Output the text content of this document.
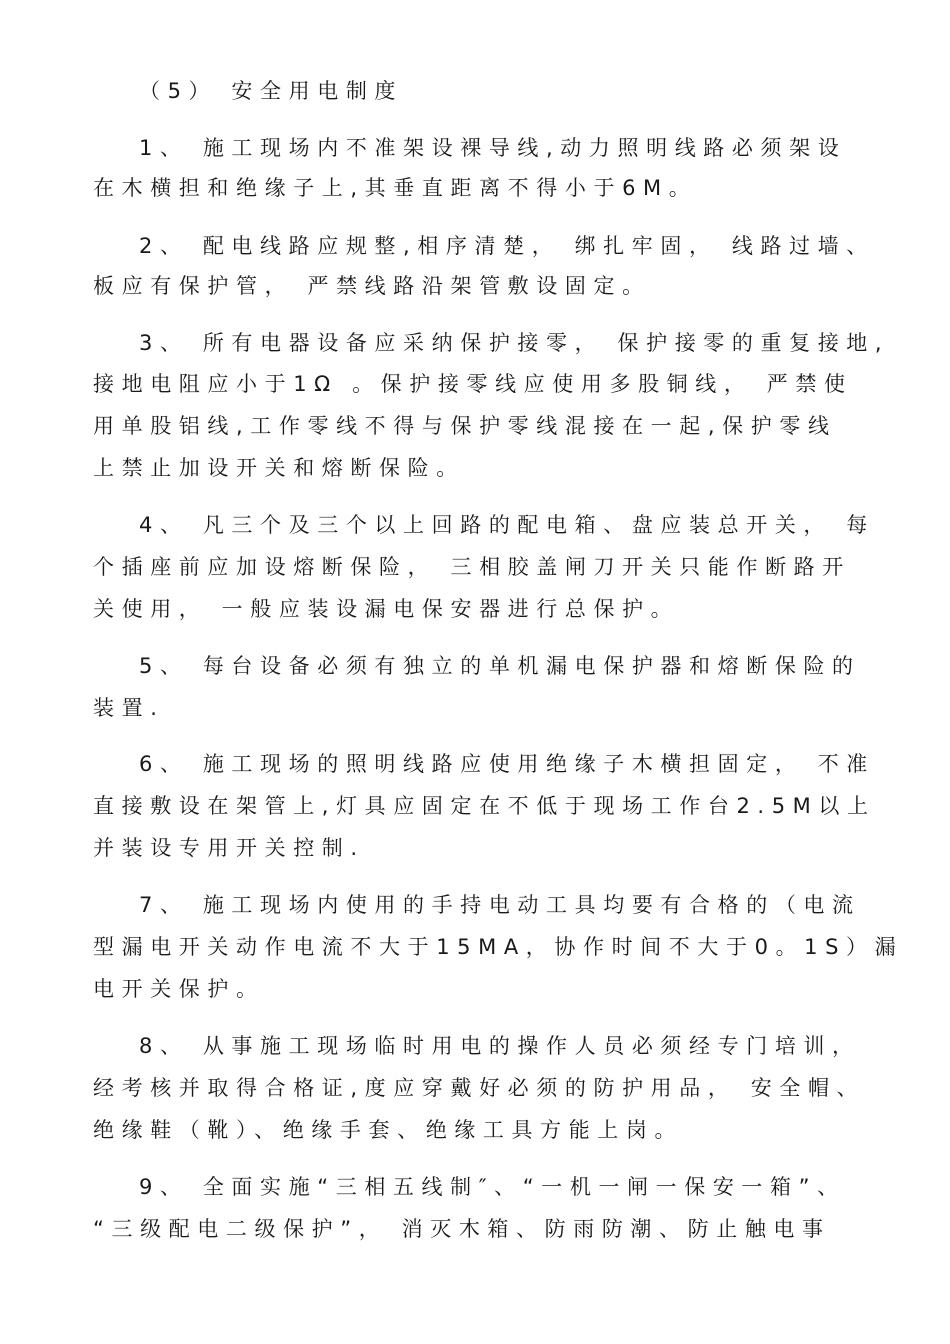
（5） 安全用电制度
1、 施工现场内不准架设裸导线,动力照明线路必须架设
在木横担和绝缘子上,其垂直距离不得小于6M。
2、 配电线路应规整,相序清楚， 绑扎牢固， 线路过墙、
板应有保护管， 严禁线路沿架管敷设固定。
3、 所有电器设备应采纳保护接零， 保护接零的重复接地,
接地电阻应小于1Ω 。保护接零线应使用多股铜线， 严禁使
用单股铝线,工作零线不得与保护零线混接在一起,保护零线
上禁止加设开关和熔断保险。
4、 凡三个及三个以上回路的配电箱、盘应装总开关， 每
个插座前应加设熔断保险， 三相胶盖闸刀开关只能作断路开
关使用， 一般应装设漏电保安器进行总保护。
5、 每台设备必须有独立的单机漏电保护器和熔断保险的
装置.
6、 施工现场的照明线路应使用绝缘子木横担固定， 不准
直接敷设在架管上,灯具应固定在不低于现场工作台2.5M以上
并装设专用开关控制.
7、 施工现场内使用的手持电动工具均要有合格的（电流
型漏电开关动作电流不大于15MA，协作时间不大于0。1S）漏
电开关保护。
8、 从事施工现场临时用电的操作人员必须经专门培训，
经考核并取得合格证,度应穿戴好必须的防护用品， 安全帽、
绝缘鞋（靴）、绝缘手套、绝缘工具方能上岗。
9、 全面实施“三相五线制″、“一机一闸一保安一箱”、
“三级配电二级保护”， 消灭木箱、防雨防潮、防止触电事
